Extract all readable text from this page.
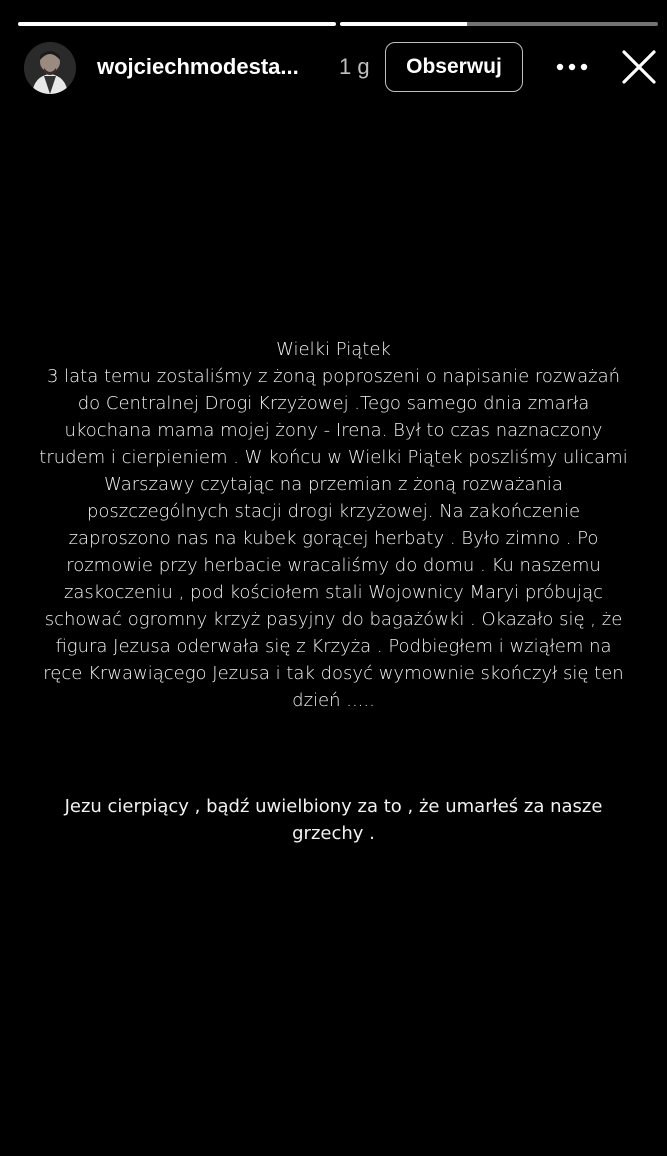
wojciechmodesta...	1 g	Obserwuj
Wielki Piątek
3 lata temu zostaliśmy z żoną poproszeni o napisanie rozważań
do Centralnej Drogi Krzyżowej .Tego samego dnia zmarła
ukochana mama mojej żony - Irena. Był to czas naznaczony
trudem i cierpieniem . W końcu w Wielki Piątek poszliśmy ulicami
Warszawy czytając na przemian z żoną rozważania
poszczególnych stacji drogi krzyżowej. Na zakończenie
zaproszono nas na kubek gorącej herbaty . Było zimno . Po
rozmowie przy herbacie wracaliśmy do domu . Ku naszemu
zaskoczeniu , pod kościołem stali Wojownicy Maryi próbując
schować ogromny krzyż pasyjny do bagażówki . Okazało się , że
figura Jezusa oderwała się z Krzyża . Podbiegłem i wziąłem na
ręce Krwawiącego Jezusa i tak dosyć wymownie skończył się ten
dzień .....
Jezu cierpiący , bądź uwielbiony za to , że umarłeś za nasze
grzechy .
